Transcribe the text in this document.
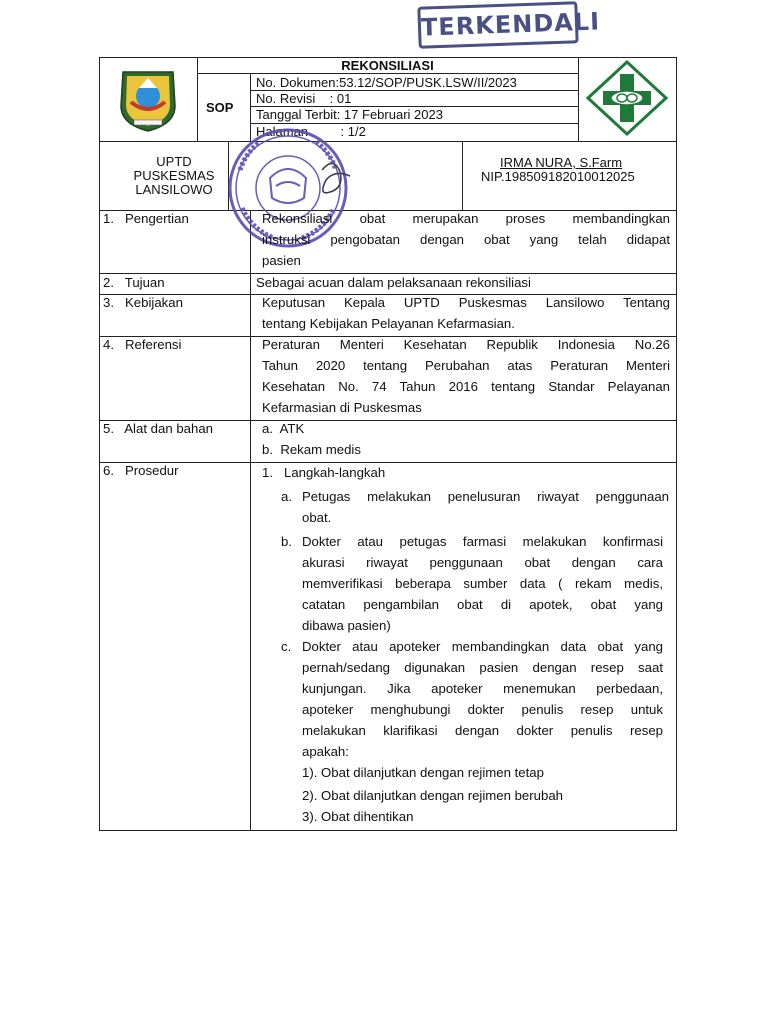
TERKENDALI
SOP
REKONSILIASI
No. Dokumen:53.12/SOP/PUSK.LSW/II/2023
No. Revisi    : 01
Tanggal Terbit: 17 Februari 2023
Halaman         : 1/2
UPTD
PUSKESMAS
LANSILOWO
IRMA NURA, S.Farm
NIP.198509182010012025
1.   Pengertian	Rekonsiliasi obat merupakan proses membandingkan
instruksi pengobatan dengan obat yang telah didapat
pasien
2.   Tujuan	Sebagai acuan dalam pelaksanaan rekonsiliasi
3.   Kebijakan	Keputusan Kepala UPTD Puskesmas Lansilowo Tentang
tentang Kebijakan Pelayanan Kefarmasian.
4.   Referensi	Peraturan Menteri Kesehatan Republik Indonesia No.26
Tahun 2020 tentang Perubahan atas Peraturan Menteri
Kesehatan No. 74 Tahun 2016 tentang Standar Pelayanan
Kefarmasian di Puskesmas
5.   Alat dan bahan	a.  ATK
b.  Rekam medis
6.   Prosedur	1.   Langkah-langkah
a. Petugas melakukan penelusuran riwayat penggunaan
obat.
b. Dokter atau petugas farmasi melakukan konfirmasi
akurasi riwayat penggunaan obat dengan cara
memverifikasi beberapa sumber data ( rekam medis,
catatan pengambilan obat di apotek, obat yang
dibawa pasien)
c. Dokter atau apoteker membandingkan data obat yang
pernah/sedang digunakan pasien dengan resep saat
kunjungan. Jika apoteker menemukan perbedaan,
apoteker menghubungi dokter penulis resep untuk
melakukan klarifikasi dengan dokter penulis resep
apakah:
1). Obat dilanjutkan dengan rejimen tetap
2). Obat dilanjutkan dengan rejimen berubah
3). Obat dihentikan
